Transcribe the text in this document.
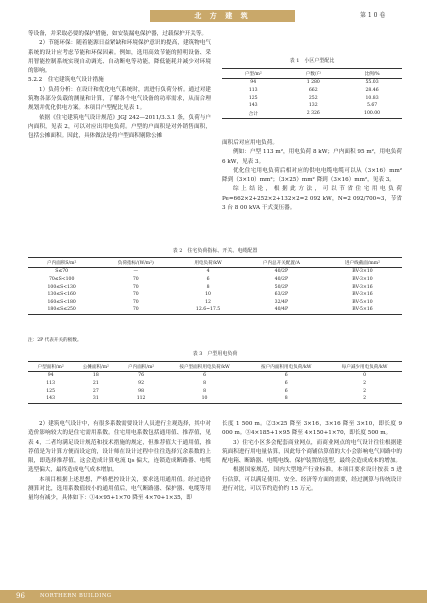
北 方 建 筑	第 1 0 卷

等设备，并采取必要的保护措施，如安装漏电保护器，过载保护开关等。

2）节能环保：随着能源日益紧缺和环境保护意识的提高，建筑物电气系统的设计应考虑节能和环保因素。例如，选用高效节能的照明设备、采用智能控制系统实现自动调光、自动断电等功能，降低能耗并减少对环境的影响。

5.2.2　住宅建筑电气设计措施

1）负荷分析：在设计和优化电气系统时，需进行负荷分析。通过对建筑物各部分负载的测量和计算，了解各个电气设备的功率需求，从而合理规划并优化供电方案。本项目户型配比见表 1。

依据《住宅建筑电气设计规范》JGJ 242—2011/3.3.1 条，负荷与户内面积，见表 2，可以对应出用电负荷。户型的户面积是对外销售面积，包括公摊面积。因此，具体做法是将户型面积剔除公摊

表 1　小区户型配比
户型/m²	户数/户	比例/%
94	1 280	55.03
113	662	28.46
125	252	10.83
143	132	5.67
合计	2 326	100.00

面积后对应用电负荷。

例如：户型 113 m²，用电负荷 8 kW；户内面积 95 m²，用电负荷 6 kW，见表 3。

优化住宅用电负荷后相对应的供电电缆电缆可以从（3×16）mm² 降到（3×10）mm²；（3×25）mm² 降到（3×16）mm²，见表 3。

综上结论，根据此方法，可以节省住宅用电负荷 Pe=662×2+252×2+132×2=2 092 kW，N=2 092/700≈3，节省 3 台 8 00 kVA 干式变压器。

表 2　住宅负荷指标、开关、电缆配置
户内面积S/m²	负荷指标/(W/m²)	用电负荷/kW	户内总开关配置/A	进户线截面/mm²
S≤70	—	4	40/2P	BV-3×10
70≤S<100	70	6	40/2P	BV-3×10
100≤S<130	70	8	50/2P	BV-3×16
130≤S<160	70	10	63/2P	BV-3×16
160≤S<180	70	12	32/4P	BV-5×10
180≤S≤250	70	12.6~17.5	40/4P	BV-5×16
注：2P 代表开关的极数。
表 3　户型用电负荷
户型面积/m²	公摊面积/m²	户内面积/m²	按户型面积用电负荷/kW	按户内面积用电负荷/kW	每户减少用电负荷/kW
94	18	76	6	6	0
113	21	92	8	6	2
125	27	98	8	6	2
143	31	112	10	8	2

2）建筑电气设计中，有很多系数需要设计人员进行主观选择，其中对造价影响较大的是住宅需用系数。住宅用电系数包括通用值、推荐值，见表 4，二者均满足设计规范和技术措施的规定，但推荐值大于通用值，推荐值是为计算方便而设定的，设计师在设计过程中往往选择冗余系数的上限，即选择推荐值，这会造成计算电流 Ijs 偏大，连锁造成断路器、电缆选型偏大，最终造成电气成本增加。

本项目根据上述思想，严格把控设计关，要求选用通用值。经过造价测算对比，选用系数值较小的通用值后，电气断路器、保护器、电缆等用量均有减少，具体如下：①4×95+1×70 降至 4×70+1×35，即

长度 1 500 m。②3×25 降至 3×16，3×16 降至 3×10，即长度 9 000 m。③4×185+1×95 降至 4×150+1×70，即长度 500 m。

3）住宅小区多会配套商业网点，而商业网点的电气设计往往根据建筑面积进行用电量估算，因此每个商铺估算值的大小会影响电气回路中的配电箱、断路器、电缆电线、保护装置的选型，最终会造成成本的增加。

根据国家规范，国内大型地产行业标准，本项目要求设计按表 5 进行估算，可以满足使用、安全、经济等方面的需要，经过测算与传统设计进行对比，可以节约造价约 15 万元。

96	NORTHERN BUILDING
